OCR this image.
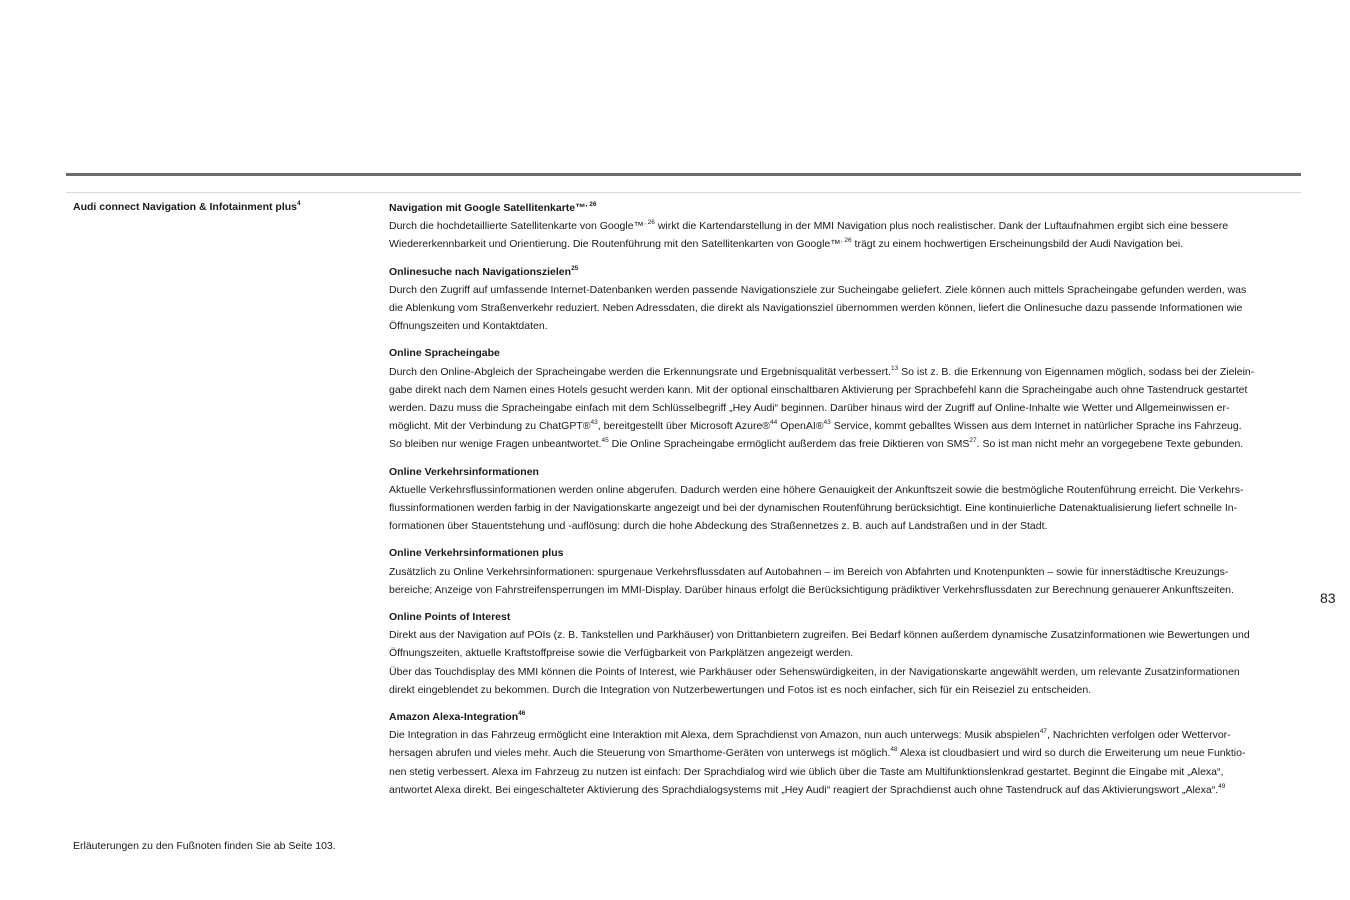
Audi connect Navigation & Infotainment plus$^4$	Navigation mit Google Satellitenkarte™$^{, 26}$

Durch die hochdetaillierte Satellitenkarte von Google™$^{, 26}$ wirkt die Kartendarstellung in der MMI Navigation plus noch realistischer. Dank der Luftaufnahmen ergibt sich eine bessere
Wiedererkennbarkeit und Orientierung. Die Routenführung mit den Satellitenkarten von Google™$^{, 26}$ trägt zu einem hochwertigen Erscheinungsbild der Audi Navigation bei.

Onlinesuche nach Navigationszielen$^{25}$

Durch den Zugriff auf umfassende Internet-Datenbanken werden passende Navigationsziele zur Sucheingabe geliefert. Ziele können auch mittels Spracheingabe gefunden werden, was
die Ablenkung vom Straßenverkehr reduziert. Neben Adressdaten, die direkt als Navigationsziel übernommen werden können, liefert die Onlinesuche dazu passende Informationen wie
Öffnungszeiten und Kontaktdaten.

Online Spracheingabe

Durch den Online-Abgleich der Spracheingabe werden die Erkennungsrate und Ergebnisqualität verbessert.$^{13}$ So ist z. B. die Erkennung von Eigennamen möglich, sodass bei der Zielein-
gabe direkt nach dem Namen eines Hotels gesucht werden kann. Mit der optional einschaltbaren Aktivierung per Sprachbefehl kann die Spracheingabe auch ohne Tastendruck gestartet
werden. Dazu muss die Spracheingabe einfach mit dem Schlüsselbegriff „Hey Audi“ beginnen. Darüber hinaus wird der Zugriff auf Online-Inhalte wie Wetter und Allgemeinwissen er-
möglicht. Mit der Verbindung zu ChatGPT®$^{43}$, bereitgestellt über Microsoft Azure®$^{44}$ OpenAI®$^{43}$ Service, kommt geballtes Wissen aus dem Internet in natürlicher Sprache ins Fahrzeug.
So bleiben nur wenige Fragen unbeantwortet.$^{45}$ Die Online Spracheingabe ermöglicht außerdem das freie Diktieren von SMS$^{27}$. So ist man nicht mehr an vorgegebene Texte gebunden.

Online Verkehrsinformationen

Aktuelle Verkehrsflussinformationen werden online abgerufen. Dadurch werden eine höhere Genauigkeit der Ankunftszeit sowie die bestmögliche Routenführung erreicht. Die Verkehrs-
flussinformationen werden farbig in der Navigationskarte angezeigt und bei der dynamischen Routenführung berücksichtigt. Eine kontinuierliche Datenaktualisierung liefert schnelle In-
formationen über Stauentstehung und -auflösung: durch die hohe Abdeckung des Straßennetzes z. B. auch auf Landstraßen und in der Stadt.

Online Verkehrsinformationen plus

Zusätzlich zu Online Verkehrsinformationen: spurgenaue Verkehrsflussdaten auf Autobahnen – im Bereich von Abfahrten und Knotenpunkten – sowie für innerstädtische Kreuzungs-
bereiche; Anzeige von Fahrstreifensperrungen im MMI-Display. Darüber hinaus erfolgt die Berücksichtigung prädiktiver Verkehrsflussdaten zur Berechnung genauerer Ankunftszeiten.

Online Points of Interest

Direkt aus der Navigation auf POIs (z. B. Tankstellen und Parkhäuser) von Drittanbietern zugreifen. Bei Bedarf können außerdem dynamische Zusatzinformationen wie Bewertungen und
Öffnungszeiten, aktuelle Kraftstoffpreise sowie die Verfügbarkeit von Parkplätzen angezeigt werden.
Über das Touchdisplay des MMI können die Points of Interest, wie Parkhäuser oder Sehenswürdigkeiten, in der Navigationskarte angewählt werden, um relevante Zusatzinformationen
direkt eingeblendet zu bekommen. Durch die Integration von Nutzerbewertungen und Fotos ist es noch einfacher, sich für ein Reiseziel zu entscheiden.

Amazon Alexa-Integration$^{46}$

Die Integration in das Fahrzeug ermöglicht eine Interaktion mit Alexa, dem Sprachdienst von Amazon, nun auch unterwegs: Musik abspielen$^{47}$, Nachrichten verfolgen oder Wettervor-
hersagen abrufen und vieles mehr. Auch die Steuerung von Smarthome-Geräten von unterwegs ist möglich.$^{48}$ Alexa ist cloudbasiert und wird so durch die Erweiterung um neue Funktio-
nen stetig verbessert. Alexa im Fahrzeug zu nutzen ist einfach: Der Sprachdialog wird wie üblich über die Taste am Multifunktionslenkrad gestartet. Beginnt die Eingabe mit „Alexa“,
antwortet Alexa direkt. Bei eingeschalteter Aktivierung des Sprachdialogsystems mit „Hey Audi“ reagiert der Sprachdienst auch ohne Tastendruck auf das Aktivierungswort „Alexa“.$^{49}$

83
Erläuterungen zu den Fußnoten finden Sie ab Seite 103.
